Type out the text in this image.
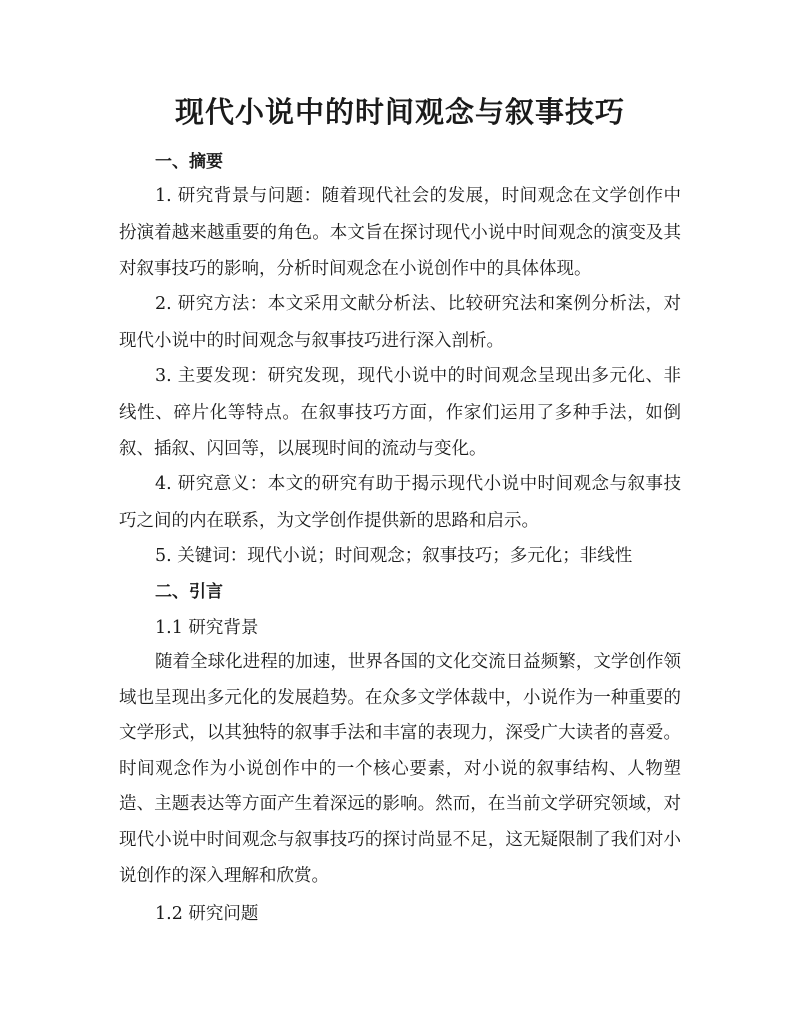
现代小说中的时间观念与叙事技巧
一、摘要

1. 研究背景与问题：随着现代社会的发展，时间观念在文学创作中扮演着越来越重要的角色。本文旨在探讨现代小说中时间观念的演变及其对叙事技巧的影响，分析时间观念在小说创作中的具体体现。

2. 研究方法：本文采用文献分析法、比较研究法和案例分析法，对现代小说中的时间观念与叙事技巧进行深入剖析。

3. 主要发现：研究发现，现代小说中的时间观念呈现出多元化、非线性、碎片化等特点。在叙事技巧方面，作家们运用了多种手法，如倒叙、插叙、闪回等，以展现时间的流动与变化。

4. 研究意义：本文的研究有助于揭示现代小说中时间观念与叙事技巧之间的内在联系，为文学创作提供新的思路和启示。

5. 关键词：现代小说；时间观念；叙事技巧；多元化；非线性
二、引言
1.1 研究背景

随着全球化进程的加速，世界各国的文化交流日益频繁，文学创作领域也呈现出多元化的发展趋势。在众多文学体裁中，小说作为一种重要的文学形式，以其独特的叙事手法和丰富的表现力，深受广大读者的喜爱。时间观念作为小说创作中的一个核心要素，对小说的叙事结构、人物塑造、主题表达等方面产生着深远的影响。然而，在当前文学研究领域，对现代小说中时间观念与叙事技巧的探讨尚显不足，这无疑限制了我们对小说创作的深入理解和欣赏。

1.2 研究问题
